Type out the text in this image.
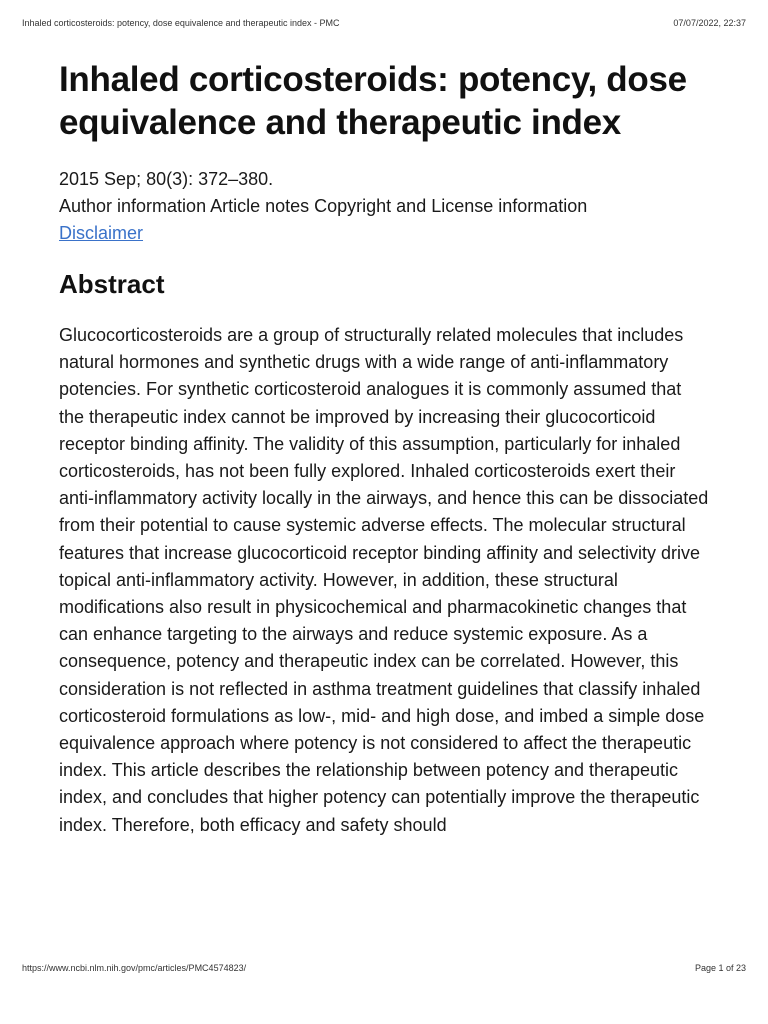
Inhaled corticosteroids: potency, dose equivalence and therapeutic index - PMC	07/07/2022, 22:37
Inhaled corticosteroids: potency, dose equivalence and therapeutic index
2015 Sep; 80(3): 372–380.
Author information Article notes Copyright and License information
Disclaimer
Abstract

Glucocorticosteroids are a group of structurally related molecules that includes natural hormones and synthetic drugs with a wide range of anti-inflammatory potencies. For synthetic corticosteroid analogues it is commonly assumed that the therapeutic index cannot be improved by increasing their glucocorticoid receptor binding affinity. The validity of this assumption, particularly for inhaled corticosteroids, has not been fully explored. Inhaled corticosteroids exert their anti-inflammatory activity locally in the airways, and hence this can be dissociated from their potential to cause systemic adverse effects. The molecular structural features that increase glucocorticoid receptor binding affinity and selectivity drive topical anti-inflammatory activity. However, in addition, these structural modifications also result in physicochemical and pharmacokinetic changes that can enhance targeting to the airways and reduce systemic exposure. As a consequence, potency and therapeutic index can be correlated. However, this consideration is not reflected in asthma treatment guidelines that classify inhaled corticosteroid formulations as low-, mid- and high dose, and imbed a simple dose equivalence approach where potency is not considered to affect the therapeutic index. This article describes the relationship between potency and therapeutic index, and concludes that higher potency can potentially improve the therapeutic index. Therefore, both efficacy and safety should

https://www.ncbi.nlm.nih.gov/pmc/articles/PMC4574823/	Page 1 of 23
